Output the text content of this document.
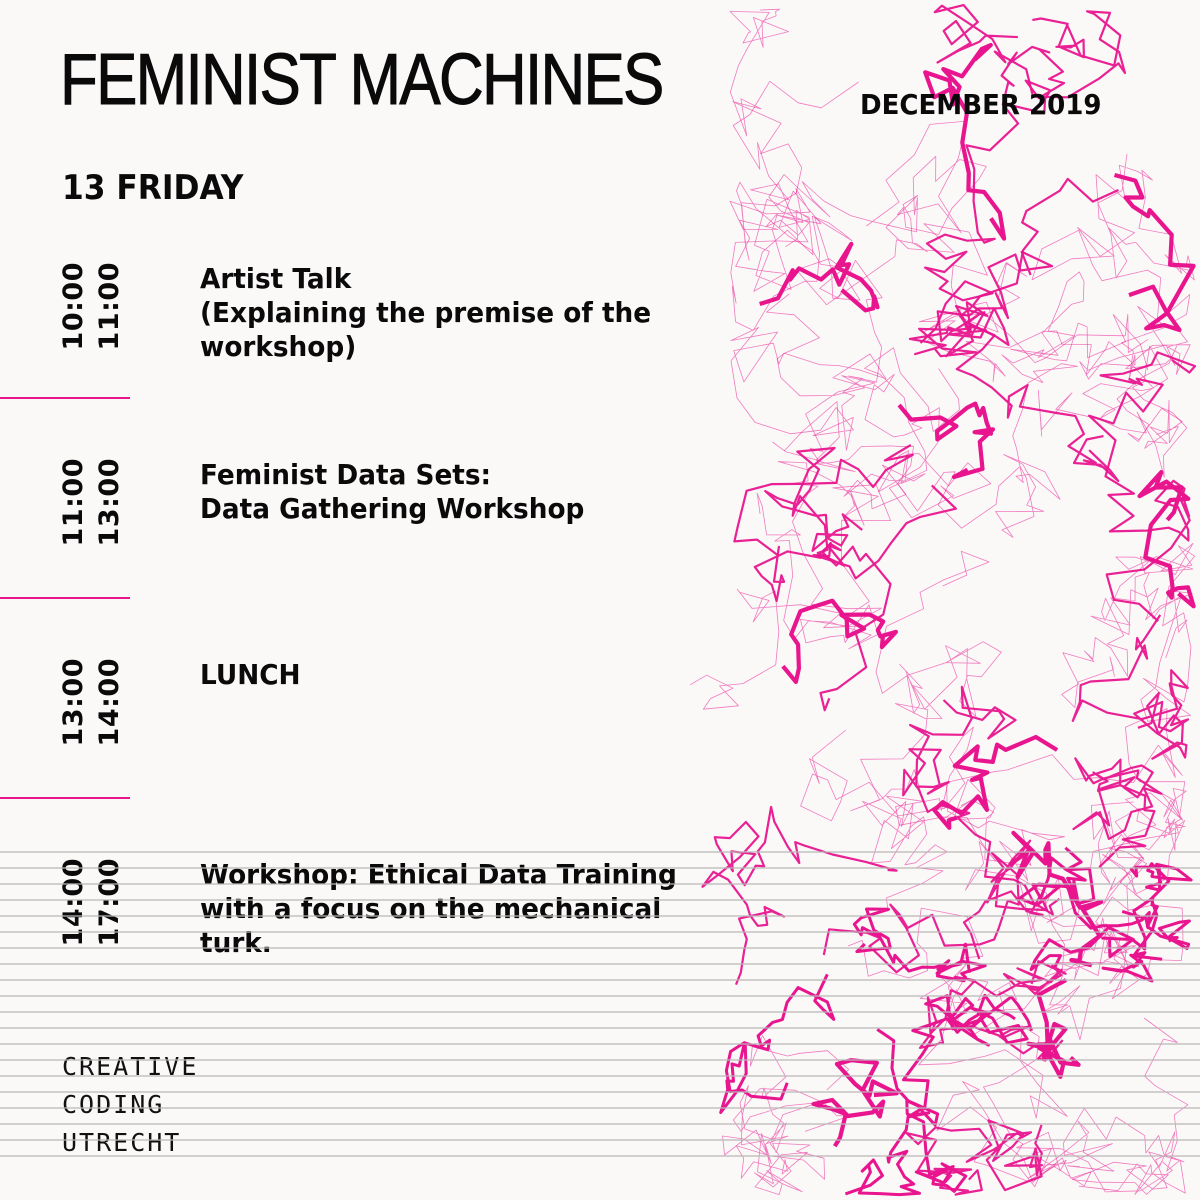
FEMINIST MACHINES	DECEMBER 2019
13 FRIDAY
10:00 11:00	Artist Talk
(Explaining the premise of the
workshop)
11:00 13:00	Feminist Data Sets:
Data Gathering Workshop
13:00 14:00	LUNCH
14:00 17:00	Workshop: Ethical Data Training
with a focus on the mechanical
turk.
CREATIVE
CODING
UTRECHT
